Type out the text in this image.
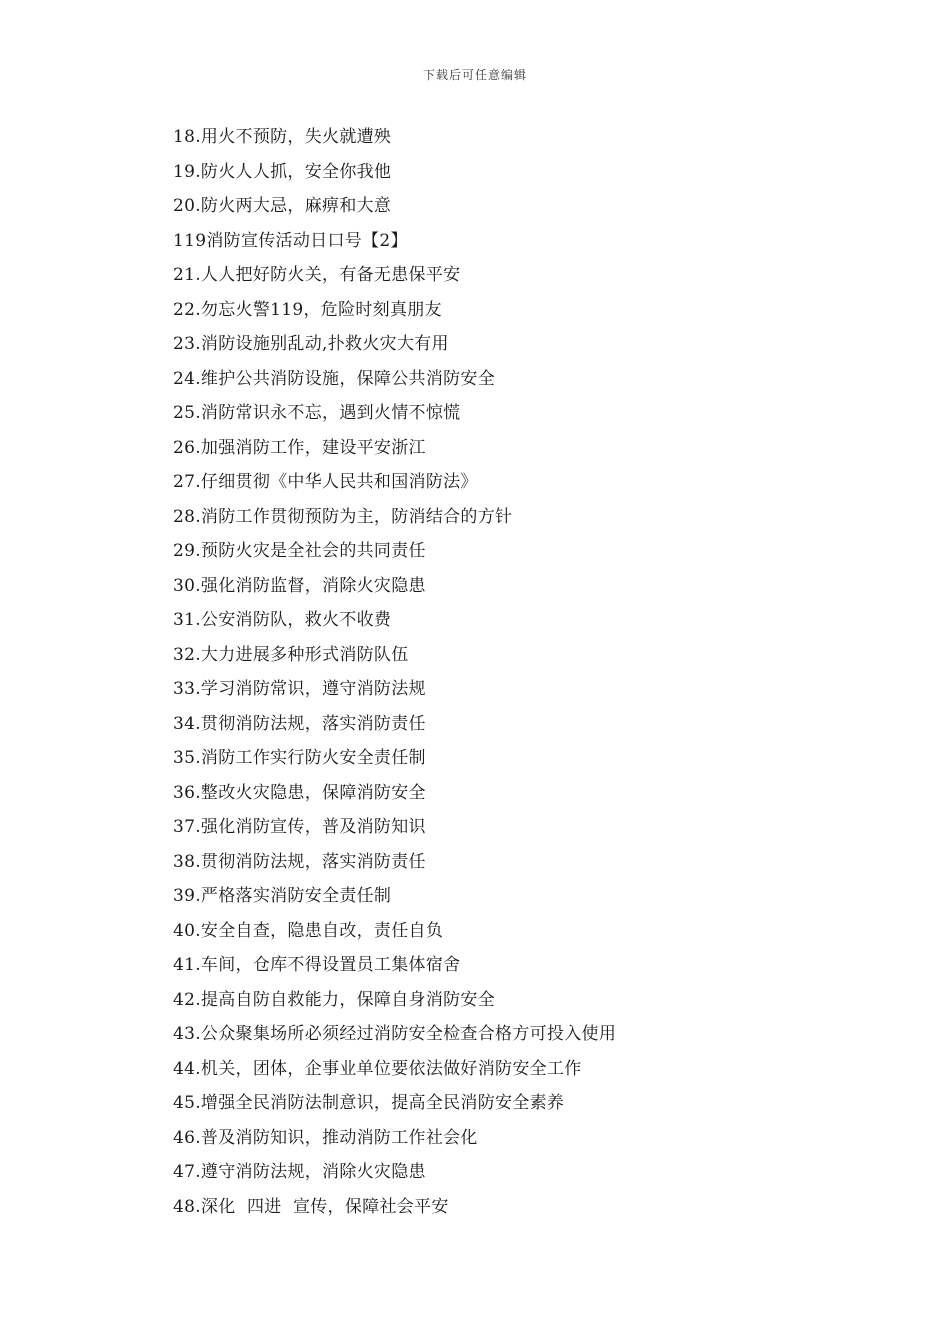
下载后可任意编辑
18.用火不预防，失火就遭殃
19.防火人人抓，安全你我他
20.防火两大忌，麻痹和大意
119消防宣传活动日口号【2】
21.人人把好防火关，有备无患保平安
22.勿忘火警119，危险时刻真朋友
23.消防设施别乱动,扑救火灾大有用
24.维护公共消防设施，保障公共消防安全
25.消防常识永不忘，遇到火情不惊慌
26.加强消防工作，建设平安浙江
27.仔细贯彻《中华人民共和国消防法》
28.消防工作贯彻预防为主，防消结合的方针
29.预防火灾是全社会的共同责任
30.强化消防监督，消除火灾隐患
31.公安消防队，救火不收费
32.大力进展多种形式消防队伍
33.学习消防常识，遵守消防法规
34.贯彻消防法规，落实消防责任
35.消防工作实行防火安全责任制
36.整改火灾隐患，保障消防安全
37.强化消防宣传，普及消防知识
38.贯彻消防法规，落实消防责任
39.严格落实消防安全责任制
40.安全自查，隐患自改，责任自负
41.车间，仓库不得设置员工集体宿舍
42.提高自防自救能力，保障自身消防安全
43.公众聚集场所必须经过消防安全检查合格方可投入使用
44.机关，团体，企事业单位要依法做好消防安全工作
45.增强全民消防法制意识，提高全民消防安全素养
46.普及消防知识，推动消防工作社会化
47.遵守消防法规，消除火灾隐患
48.深化  四进  宣传，保障社会平安
